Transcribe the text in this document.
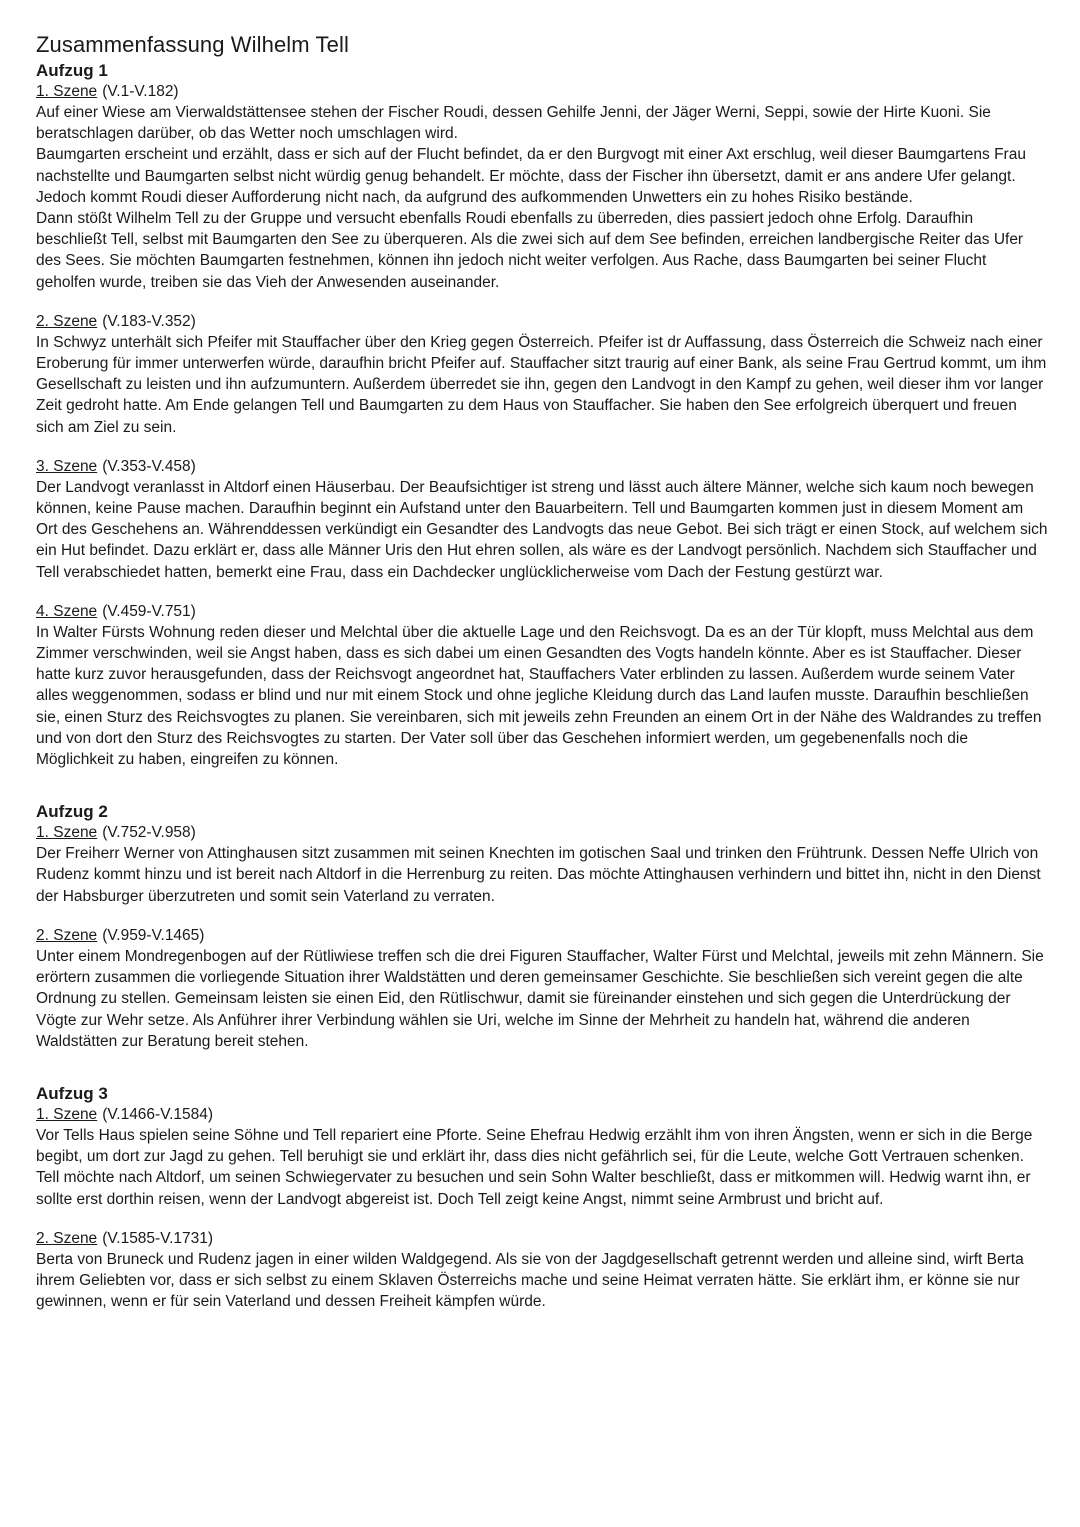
Zusammenfassung Wilhelm Tell
Aufzug 1

1. Szene (V.1-V.182)

Auf einer Wiese am Vierwaldstättensee stehen der Fischer Roudi, dessen Gehilfe Jenni, der Jäger Werni, Seppi, sowie der Hirte Kuoni. Sie beratschlagen darüber, ob das Wetter noch umschlagen wird.
Baumgarten erscheint und erzählt, dass er sich auf der Flucht befindet, da er den Burgvogt mit einer Axt erschlug, weil dieser Baumgartens Frau nachstellte und Baumgarten selbst nicht würdig genug behandelt. Er möchte, dass der Fischer ihn übersetzt, damit er ans andere Ufer gelangt. Jedoch kommt Roudi dieser Aufforderung nicht nach, da aufgrund des aufkommenden Unwetters ein zu hohes Risiko bestände.
Dann stößt Wilhelm Tell zu der Gruppe und versucht ebenfalls Roudi ebenfalls zu überreden, dies passiert jedoch ohne Erfolg. Daraufhin beschließt Tell, selbst mit Baumgarten den See zu überqueren. Als die zwei sich auf dem See befinden, erreichen landbergische Reiter das Ufer des Sees. Sie möchten Baumgarten festnehmen, können ihn jedoch nicht weiter verfolgen. Aus Rache, dass Baumgarten bei seiner Flucht geholfen wurde, treiben sie das Vieh der Anwesenden auseinander.

2. Szene (V.183-V.352)

In Schwyz unterhält sich Pfeifer mit Stauffacher über den Krieg gegen Österreich. Pfeifer ist dr Auffassung, dass Österreich die Schweiz nach einer Eroberung für immer unterwerfen würde, daraufhin bricht Pfeifer auf. Stauffacher sitzt traurig auf einer Bank, als seine Frau Gertrud kommt, um ihm Gesellschaft zu leisten und ihn aufzumuntern. Außerdem überredet sie ihn, gegen den Landvogt in den Kampf zu gehen, weil dieser ihm vor langer Zeit gedroht hatte. Am Ende gelangen Tell und Baumgarten zu dem Haus von Stauffacher. Sie haben den See erfolgreich überquert und freuen sich am Ziel zu sein.

3. Szene (V.353-V.458)

Der Landvogt veranlasst in Altdorf einen Häuserbau. Der Beaufsichtiger ist streng und lässt auch ältere Männer, welche sich kaum noch bewegen können, keine Pause machen. Daraufhin beginnt ein Aufstand unter den Bauarbeitern. Tell und Baumgarten kommen just in diesem Moment am Ort des Geschehens an. Währenddessen verkündigt ein Gesandter des Landvogts das neue Gebot. Bei sich trägt er einen Stock, auf welchem sich ein Hut befindet. Dazu erklärt er, dass alle Männer Uris den Hut ehren sollen, als wäre es der Landvogt persönlich. Nachdem sich Stauffacher und Tell verabschiedet hatten, bemerkt eine Frau, dass ein Dachdecker unglücklicherweise vom Dach der Festung gestürzt war.

4. Szene (V.459-V.751)

In Walter Fürsts Wohnung reden dieser und Melchtal über die aktuelle Lage und den Reichsvogt. Da es an der Tür klopft, muss Melchtal aus dem Zimmer verschwinden, weil sie Angst haben, dass es sich dabei um einen Gesandten des Vogts handeln könnte. Aber es ist Stauffacher. Dieser hatte kurz zuvor herausgefunden, dass der Reichsvogt angeordnet hat, Stauffachers Vater erblinden zu lassen. Außerdem wurde seinem Vater alles weggenommen, sodass er blind und nur mit einem Stock und ohne jegliche Kleidung durch das Land laufen musste. Daraufhin beschließen sie, einen Sturz des Reichsvogtes zu planen. Sie vereinbaren, sich mit jeweils zehn Freunden an einem Ort in der Nähe des Waldrandes zu treffen und von dort den Sturz des Reichsvogtes zu starten. Der Vater soll über das Geschehen informiert werden, um gegebenenfalls noch die Möglichkeit zu haben, eingreifen zu können.

Aufzug 2

1. Szene (V.752-V.958)

Der Freiherr Werner von Attinghausen sitzt zusammen mit seinen Knechten im gotischen Saal und trinken den Frühtrunk. Dessen Neffe Ulrich von Rudenz kommt hinzu und ist bereit nach Altdorf in die Herrenburg zu reiten. Das möchte Attinghausen verhindern und bittet ihn, nicht in den Dienst der Habsburger überzutreten und somit sein Vaterland zu verraten.

2. Szene (V.959-V.1465)

Unter einem Mondregenbogen auf der Rütliwiese treffen sch die drei Figuren Stauffacher, Walter Fürst und Melchtal, jeweils mit zehn Männern. Sie erörtern zusammen die vorliegende Situation ihrer Waldstätten und deren gemeinsamer Geschichte. Sie beschließen sich vereint gegen die alte Ordnung zu stellen. Gemeinsam leisten sie einen Eid, den Rütlischwur, damit sie füreinander einstehen und sich gegen die Unterdrückung der Vögte zur Wehr setze. Als Anführer ihrer Verbindung wählen sie Uri, welche im Sinne der Mehrheit zu handeln hat, während die anderen Waldstätten zur Beratung bereit stehen.

Aufzug 3

1. Szene (V.1466-V.1584)

Vor Tells Haus spielen seine Söhne und Tell repariert eine Pforte. Seine Ehefrau Hedwig erzählt ihm von ihren Ängsten, wenn er sich in die Berge begibt, um dort zur Jagd zu gehen. Tell beruhigt sie und erklärt ihr, dass dies nicht gefährlich sei, für die Leute, welche Gott Vertrauen schenken. Tell möchte nach Altdorf, um seinen Schwiegervater zu besuchen und sein Sohn Walter beschließt, dass er mitkommen will. Hedwig warnt ihn, er sollte erst dorthin reisen, wenn der Landvogt abgereist ist. Doch Tell zeigt keine Angst, nimmt seine Armbrust und bricht auf.

2. Szene (V.1585-V.1731)

Berta von Bruneck und Rudenz jagen in einer wilden Waldgegend. Als sie von der Jagdgesellschaft getrennt werden und alleine sind, wirft Berta ihrem Geliebten vor, dass er sich selbst zu einem Sklaven Österreichs mache und seine Heimat verraten hätte. Sie erklärt ihm, er könne sie nur gewinnen, wenn er für sein Vaterland und dessen Freiheit kämpfen würde.
